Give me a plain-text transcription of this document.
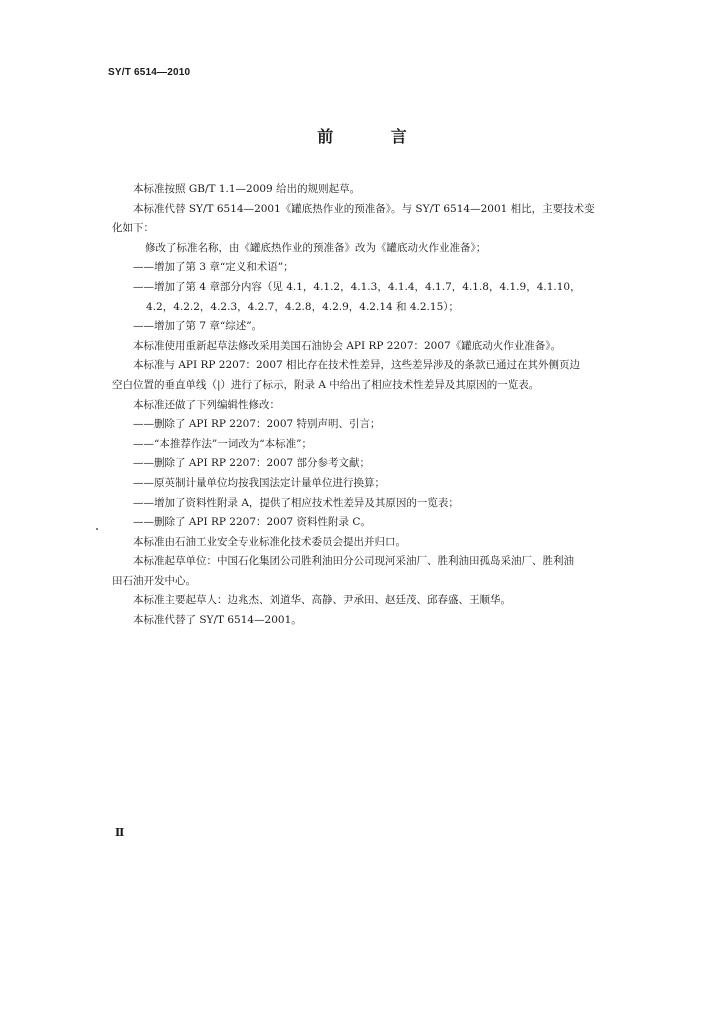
SY/T 6514—2010
前 言
本标准按照 GB/T 1.1—2009 给出的规则起草。
本标准代替 SY/T 6514—2001《罐底热作业的预准备》。与 SY/T 6514—2001 相比，主要技术变
化如下：
修改了标准名称，由《罐底热作业的预准备》改为《罐底动火作业准备》；
——增加了第 3 章“定义和术语”；
——增加了第 4 章部分内容（见 4.1，4.1.2，4.1.3，4.1.4，4.1.7，4.1.8，4.1.9，4.1.10，
4.2，4.2.2，4.2.3，4.2.7，4.2.8，4.2.9，4.2.14 和 4.2.15）；
——增加了第 7 章“综述”。
本标准使用重新起草法修改采用美国石油协会 API RP 2207：2007《罐底动火作业准备》。
本标准与 API RP 2207：2007 相比存在技术性差异，这些差异涉及的条款已通过在其外侧页边
空白位置的垂直单线（|）进行了标示，附录 A 中给出了相应技术性差异及其原因的一览表。
本标准还做了下列编辑性修改：
——删除了 API RP 2207：2007 特别声明、引言；
——“本推荐作法”一词改为“本标准”；
——删除了 API RP 2207：2007 部分参考文献；
——原英制计量单位均按我国法定计量单位进行换算；
——增加了资料性附录 A，提供了相应技术性差异及其原因的一览表；
——删除了 API RP 2207：2007 资料性附录 C。
本标准由石油工业安全专业标准化技术委员会提出并归口。
本标准起草单位：中国石化集团公司胜利油田分公司现河采油厂、胜利油田孤岛采油厂、胜利油
田石油开发中心。
本标准主要起草人：边兆杰、刘道华、高静、尹承田、赵廷茂、邱春盛、王顺华。
本标准代替了 SY/T 6514—2001。
Ⅱ
